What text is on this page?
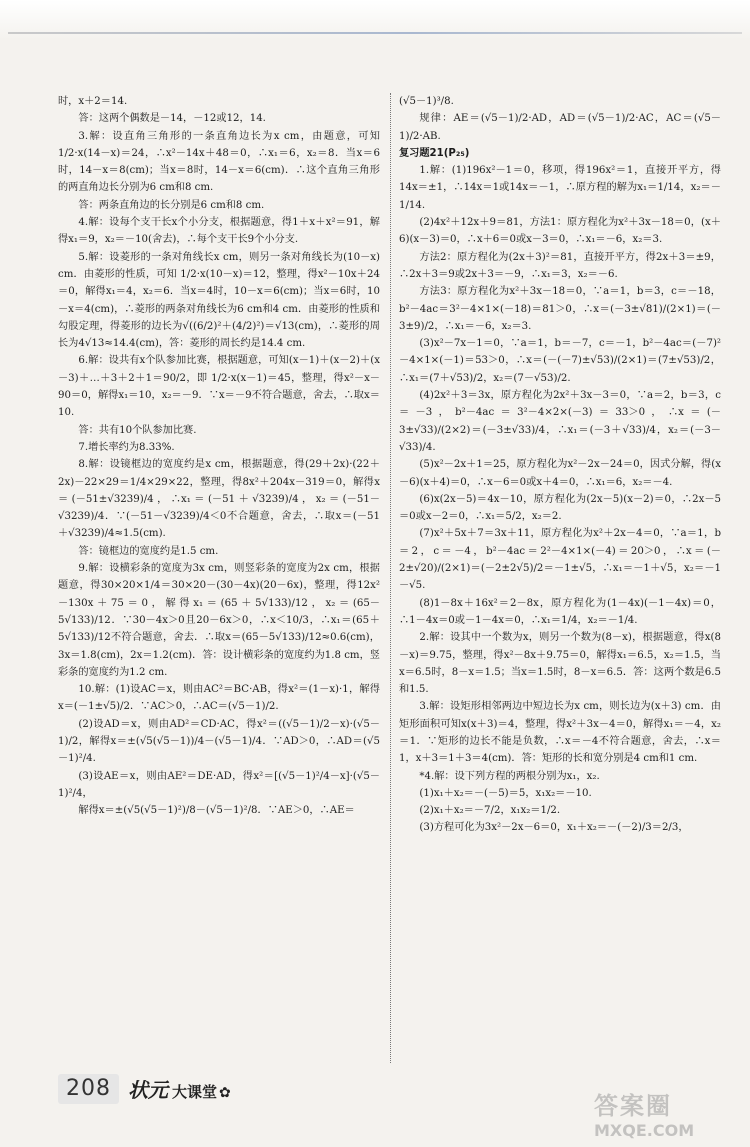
时，x＋2＝14.

答：这两个偶数是－14，－12或12，14.

3.解：设直角三角形的一条直角边长为x cm，由题意，可知 1/2·x(14－x)＝24，∴x²－14x＋48＝0，∴x₁＝6，x₂＝8．当x＝6时，14－x＝8(cm)；当x＝8时，14－x＝6(cm)．∴这个直角三角形的两直角边长分别为6 cm和8 cm.

答：两条直角边的长分别是6 cm和8 cm.

4.解：设每个支干长x个小分支，根据题意，得1＋x＋x²＝91，解得x₁＝9，x₂＝－10(舍去)，∴每个支干长9个小分支.

5.解：设菱形的一条对角线长x cm，则另一条对角线长为(10－x) cm．由菱形的性质，可知 1/2·x(10－x)＝12，整理，得x²－10x＋24＝0，解得x₁＝4，x₂＝6．当x＝4时，10－x＝6(cm)；当x＝6时，10－x＝4(cm)，∴菱形的两条对角线长为6 cm和4 cm．由菱形的性质和勾股定理，得菱形的边长为√((6/2)²＋(4/2)²)＝√13(cm)，∴菱形的周长为4√13≈14.4(cm)，答：菱形的周长约是14.4 cm.

6.解：设共有x个队参加比赛，根据题意，可知(x－1)＋(x－2)＋(x－3)＋…＋3＋2＋1＝90/2，即 1/2·x(x－1)＝45，整理，得x²－x－90＝0，解得x₁＝10，x₂＝－9．∵x＝－9不符合题意，舍去，∴取x＝10.

答：共有10个队参加比赛.

7.增长率约为8.33%.

8.解：设镜框边的宽度约是x cm，根据题意，得(29＋2x)·(22＋2x)－22×29＝1/4×29×22，整理，得8x²＋204x－319＝0，解得x＝(－51±√3239)/4，∴x₁＝(－51＋√3239)/4，x₂＝(－51－√3239)/4．∵(－51－√3239)/4＜0不合题意，舍去，∴取x＝(－51＋√3239)/4≈1.5(cm).

答：镜框边的宽度约是1.5 cm.

9.解：设横彩条的宽度为3x cm，则竖彩条的宽度为2x cm，根据题意，得30×20×1/4＝30×20－(30－4x)(20－6x)，整理，得12x²－130x＋75＝0，解得x₁＝(65＋5√133)/12，x₂＝(65－5√133)/12．∵30－4x＞0且20－6x＞0，∴x＜10/3，∴x₁＝(65＋5√133)/12不符合题意，舍去．∴取x＝(65－5√133)/12≈0.6(cm)，3x＝1.8(cm)，2x＝1.2(cm)．答：设计横彩条的宽度约为1.8 cm，竖彩条的宽度约为1.2 cm.

10.解：(1)设AC＝x，则由AC²＝BC·AB，得x²＝(1－x)·1，解得x＝(－1±√5)/2．∵AC＞0，∴AC＝(√5－1)/2.

(2)设AD＝x，则由AD²＝CD·AC，得x²＝((√5－1)/2－x)·(√5－1)/2，解得x＝±(√5(√5－1))/4－(√5－1)/4．∵AD＞0，∴AD＝(√5－1)²/4.

(3)设AE＝x，则由AE²＝DE·AD，得x²＝[(√5－1)²/4－x]·(√5－1)²/4，

解得x＝±(√5(√5－1)²)/8－(√5－1)²/8．∵AE＞0，∴AE＝

(√5－1)³/8.

规律：AE＝(√5－1)/2·AD，AD＝(√5－1)/2·AC，AC＝(√5－1)/2·AB.

复习题21(P₂₅)

1.解：(1)196x²－1＝0，移项，得196x²＝1，直接开平方，得14x＝±1，∴14x＝1或14x＝－1，∴原方程的解为x₁＝1/14，x₂＝－1/14.

(2)4x²＋12x＋9＝81，方法1：原方程化为x²＋3x－18＝0，(x＋6)(x－3)＝0，∴x＋6＝0或x－3＝0，∴x₁＝－6，x₂＝3.

方法2：原方程化为(2x＋3)²＝81，直接开平方，得2x＋3＝±9，∴2x＋3＝9或2x＋3＝－9，∴x₁＝3，x₂＝－6.

方法3：原方程化为x²＋3x－18＝0，∵a＝1，b＝3，c＝－18，b²－4ac＝3²－4×1×(－18)＝81＞0，∴x＝(－3±√81)/(2×1)＝(－3±9)/2，∴x₁＝－6，x₂＝3.

(3)x²－7x－1＝0，∵a＝1，b＝－7，c＝－1，b²－4ac＝(－7)²－4×1×(－1)＝53＞0，∴x＝(－(－7)±√53)/(2×1)＝(7±√53)/2，∴x₁＝(7＋√53)/2，x₂＝(7－√53)/2.

(4)2x²＋3＝3x，原方程化为2x²＋3x－3＝0，∵a＝2，b＝3，c＝－3，b²－4ac＝3²－4×2×(－3)＝33＞0，∴x＝(－3±√33)/(2×2)＝(－3±√33)/4，∴x₁＝(－3＋√33)/4，x₂＝(－3－√33)/4.

(5)x²－2x＋1＝25，原方程化为x²－2x－24＝0，因式分解，得(x－6)(x＋4)＝0，∴x－6＝0或x＋4＝0，∴x₁＝6，x₂＝－4.

(6)x(2x－5)＝4x－10，原方程化为(2x－5)(x－2)＝0，∴2x－5＝0或x－2＝0，∴x₁＝5/2，x₂＝2.

(7)x²＋5x＋7＝3x＋11，原方程化为x²＋2x－4＝0，∵a＝1，b＝2，c＝－4，b²－4ac＝2²－4×1×(－4)＝20＞0，∴x＝(－2±√20)/(2×1)＝(－2±2√5)/2＝－1±√5，∴x₁＝－1＋√5，x₂＝－1－√5.

(8)1－8x＋16x²＝2－8x，原方程化为(1－4x)(－1－4x)＝0，∴1－4x＝0或－1－4x＝0，∴x₁＝1/4，x₂＝－1/4.

2.解：设其中一个数为x，则另一个数为(8－x)，根据题意，得x(8－x)＝9.75，整理，得x²－8x＋9.75＝0，解得x₁＝6.5，x₂＝1.5，当x＝6.5时，8－x＝1.5；当x＝1.5时，8－x＝6.5．答：这两个数是6.5和1.5.

3.解：设矩形相邻两边中短边长为x cm，则长边为(x＋3) cm．由矩形面积可知x(x＋3)＝4，整理，得x²＋3x－4＝0，解得x₁＝－4，x₂＝1．∵矩形的边长不能是负数，∴x＝－4不符合题意，舍去，∴x＝1，x＋3＝1＋3＝4(cm)．答：矩形的长和宽分别是4 cm和1 cm.

*4.解：设下列方程的两根分别为x₁，x₂.

(1)x₁＋x₂＝－(－5)＝5，x₁x₂＝－10.

(2)x₁＋x₂＝－7/2，x₁x₂＝1/2.

(3)方程可化为3x²－2x－6＝0，x₁＋x₂＝－(－2)/3＝2/3，

208 状元 大课堂 ✿	答案圈
MXQE.COM
